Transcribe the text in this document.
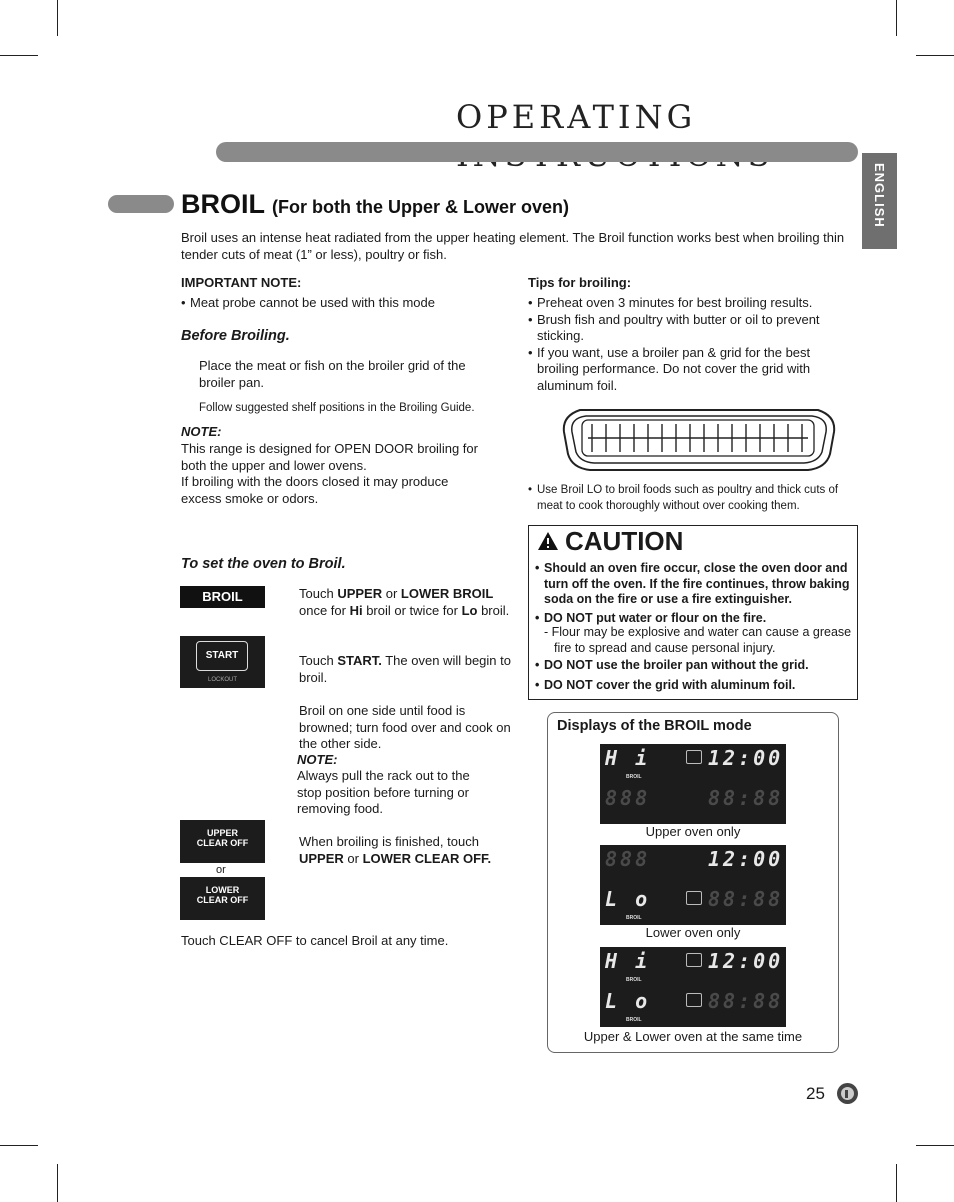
OPERATING
ENGLISH
BROIL (For both the Upper & Lower oven)
Broil uses an intense heat radiated from the upper heating element. The Broil function works best when broiling thin tender cuts of meat (1” or less), poultry or fish.
IMPORTANT NOTE:
• Meat probe cannot be used with this mode
Before Broiling.
Place the meat or fish on the broiler grid of the broiler pan.
Follow suggested shelf positions in the Broiling Guide.
NOTE:
This range is designed for OPEN DOOR broiling for both the upper and lower ovens.
If broiling with the doors closed it may produce excess smoke or odors.
To set the oven to Broil.
BROIL
START
LOCKOUT
UPPER
CLEAR OFF
or
LOWER
CLEAR OFF
Touch UPPER or LOWER BROIL once for Hi broil or twice for Lo broil.
Touch START. The oven will begin to broil.
Broil on one side until food is browned; turn food over and cook on the other side.
NOTE:
Always pull the rack out to the stop position before turning or removing food.
When broiling is finished, touch UPPER or LOWER CLEAR OFF.
Touch CLEAR OFF to cancel Broil at any time.
Tips for broiling:
• Preheat oven 3 minutes for best broiling results.
• Brush fish and poultry with butter or oil to prevent sticking.
• If you want, use a broiler pan & grid for the best broiling performance. Do not cover the grid with aluminum foil.
• Use Broil LO to broil foods such as poultry and thick cuts of meat to cook thoroughly without over cooking them.
CAUTION
• Should an oven fire occur, close the oven door and turn off the oven. If the fire continues, throw baking soda on the fire or use a fire extinguisher.
• DO NOT put water or flour on the fire.
- Flour may be explosive and water can cause a grease fire to spread and cause personal injury.
• DO NOT use the broiler pan without the grid.
• DO NOT cover the grid with aluminum foil.
Displays of the BROIL mode
H i	12:00
BROIL
888	88:88
Upper oven only
888	12:00
L o	88:88
BROIL
Lower oven only
H i	12:00
BROIL
L o	88:88
BROIL
Upper & Lower oven at the same time
25
